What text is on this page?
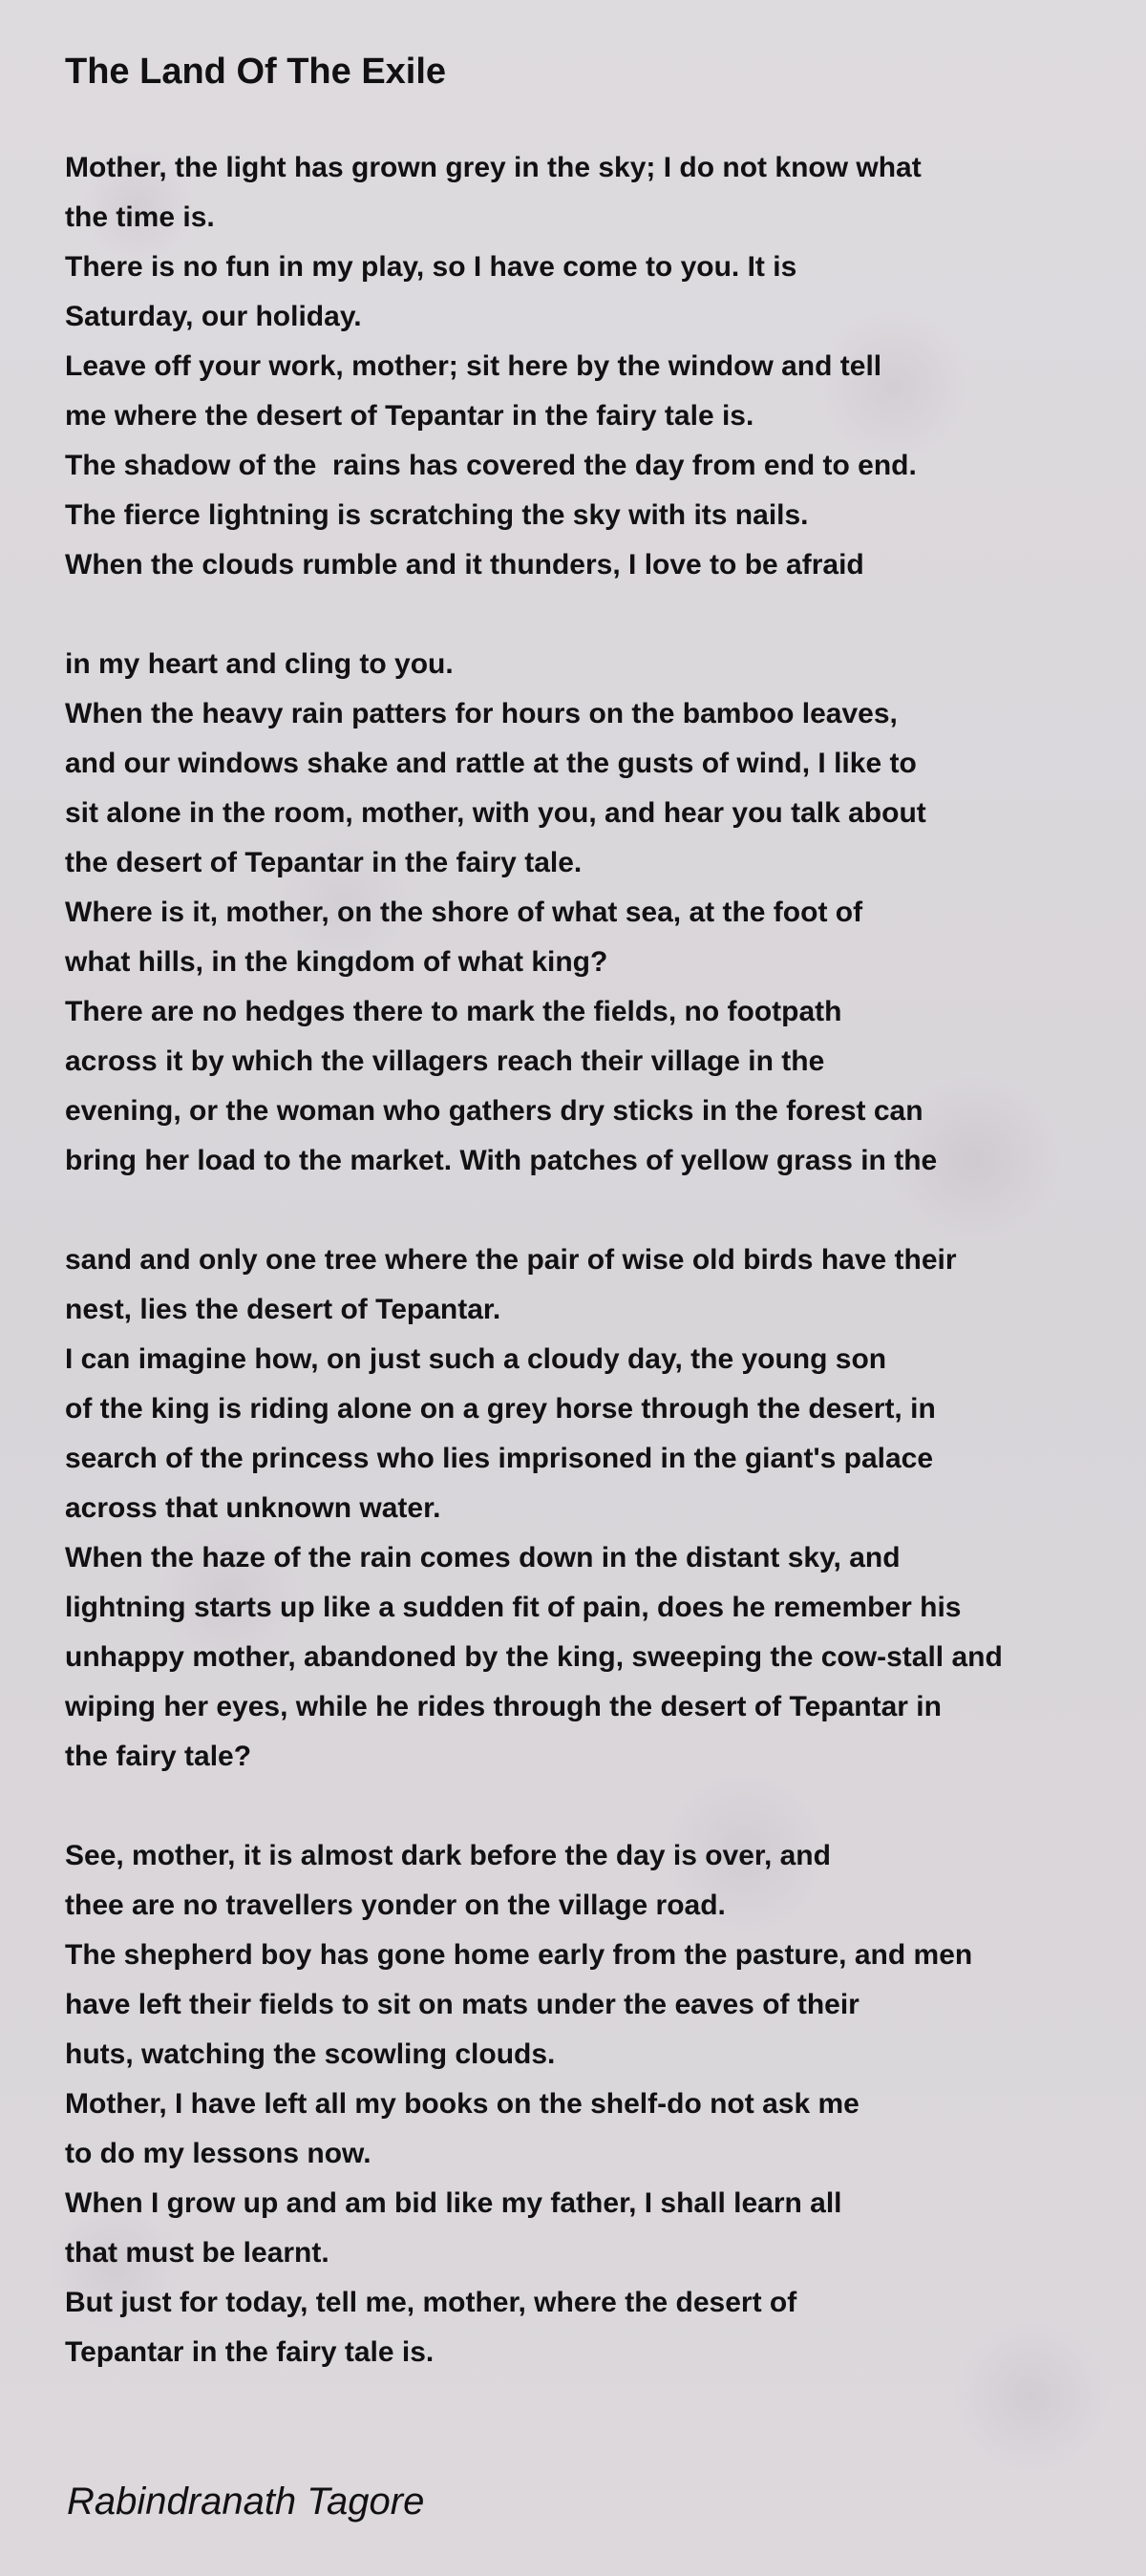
The Land Of The Exile
Mother, the light has grown grey in the sky; I do not know what
the time is.
There is no fun in my play, so I have come to you. It is
Saturday, our holiday.
Leave off your work, mother; sit here by the window and tell
me where the desert of Tepantar in the fairy tale is.
The shadow of the  rains has covered the day from end to end.
The fierce lightning is scratching the sky with its nails.
When the clouds rumble and it thunders, I love to be afraid
in my heart and cling to you.
When the heavy rain patters for hours on the bamboo leaves,
and our windows shake and rattle at the gusts of wind, I like to
sit alone in the room, mother, with you, and hear you talk about
the desert of Tepantar in the fairy tale.
Where is it, mother, on the shore of what sea, at the foot of
what hills, in the kingdom of what king?
There are no hedges there to mark the fields, no footpath
across it by which the villagers reach their village in the
evening, or the woman who gathers dry sticks in the forest can
bring her load to the market. With patches of yellow grass in the
sand and only one tree where the pair of wise old birds have their
nest, lies the desert of Tepantar.
I can imagine how, on just such a cloudy day, the young son
of the king is riding alone on a grey horse through the desert, in
search of the princess who lies imprisoned in the giant's palace
across that unknown water.
When the haze of the rain comes down in the distant sky, and
lightning starts up like a sudden fit of pain, does he remember his
unhappy mother, abandoned by the king, sweeping the cow-stall and
wiping her eyes, while he rides through the desert of Tepantar in
the fairy tale?
See, mother, it is almost dark before the day is over, and
thee are no travellers yonder on the village road.
The shepherd boy has gone home early from the pasture, and men
have left their fields to sit on mats under the eaves of their
huts, watching the scowling clouds.
Mother, I have left all my books on the shelf-do not ask me
to do my lessons now.
When I grow up and am bid like my father, I shall learn all
that must be learnt.
But just for today, tell me, mother, where the desert of
Tepantar in the fairy tale is.

Rabindranath Tagore
